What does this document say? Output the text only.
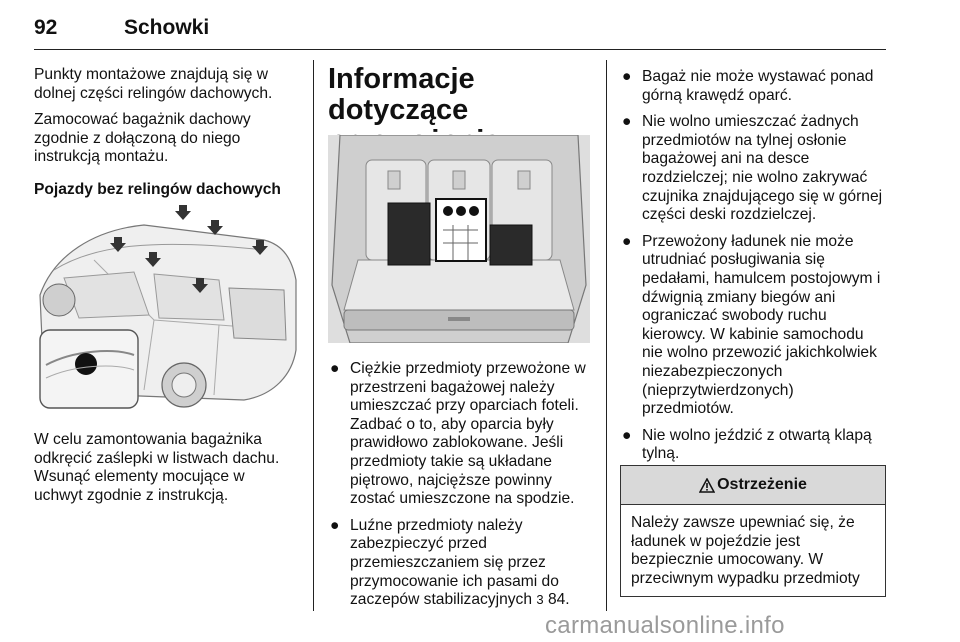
92	Schowki

Punkty montażowe znajdują się w dolnej części relingów dachowych.

Zamocować bagażnik dachowy zgodnie z dołączoną do niego instrukcją montażu.

Pojazdy bez relingów dachowych

W celu zamontowania bagażnika odkręcić zaślepki w listwach dachu. Wsunąć elementy mocujące w uchwyt zgodnie z instrukcją.

Informacje dotyczące

● Ciężkie przedmioty przewożone w przestrzeni bagażowej należy umieszczać przy oparciach foteli. Zadbać o to, aby oparcia były prawidłowo zablokowane. Jeśli przedmioty takie są układane piętrowo, najcięższe powinny zostać umieszczone na spodzie.
● Luźne przedmioty należy zabezpieczyć przed przemieszczaniem się przez przymocowanie ich pasami do zaczepów stabilizacyjnych 3 84.
● Bagaż nie może wystawać ponad górną krawędź oparć.
● Nie wolno umieszczać żadnych przedmiotów na tylnej osłonie bagażowej ani na desce rozdzielczej; nie wolno zakrywać czujnika znajdującego się w górnej części deski rozdzielczej.
● Przewożony ładunek nie może utrudniać posługiwania się pedałami, hamulcem postojowym i dźwignią zmiany biegów ani ograniczać swobody ruchu kierowcy. W kabinie samochodu nie wolno przewozić jakichkolwiek niezabezpieczonych (nieprzytwierdzonych) przedmiotów.
● Nie wolno jeździć z otwartą klapą tylną.
Ostrzeżenie
Należy zawsze upewniać się, że ładunek w pojeździe jest bezpiecznie umocowany. W przeciwnym wypadku przedmioty
carmanualsonline.info
